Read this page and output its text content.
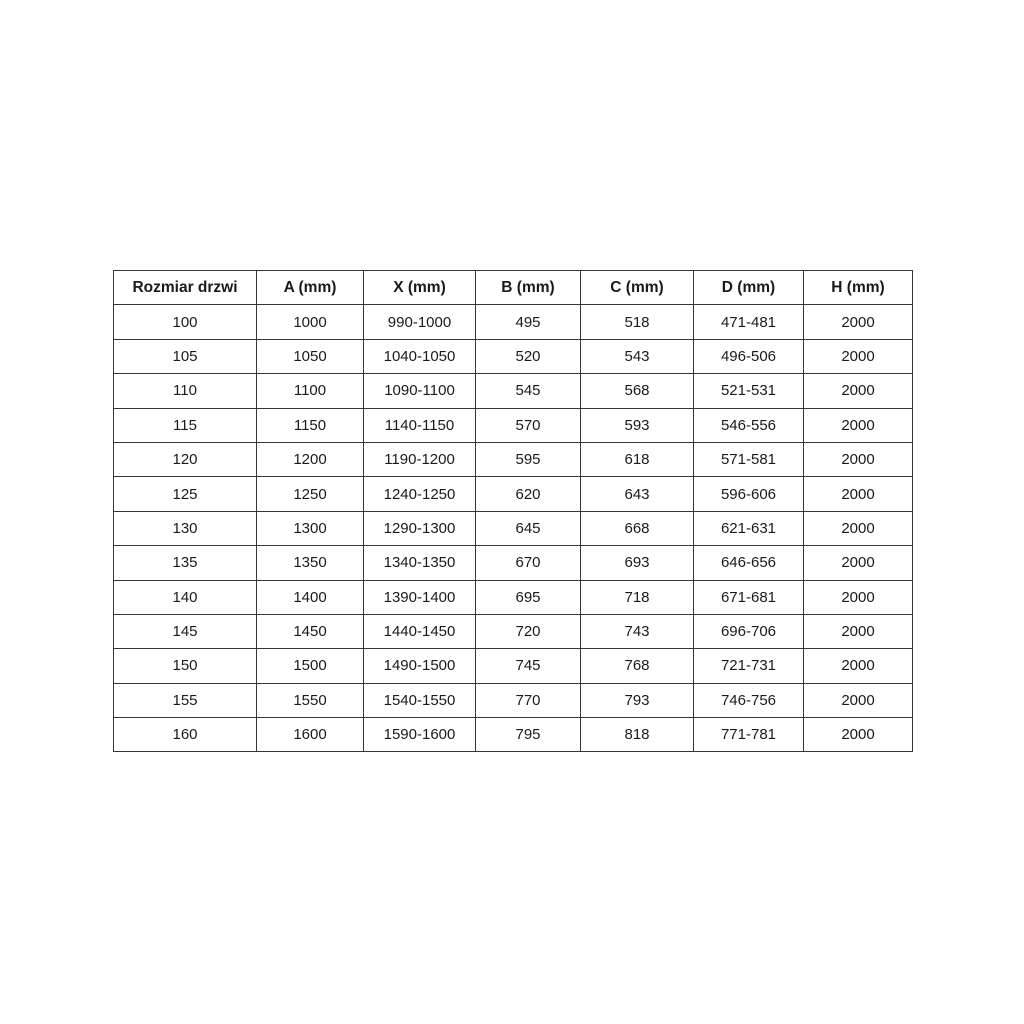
Rozmiar drzwi	A (mm)	X (mm)	B (mm)	C (mm)	D (mm)	H (mm)
100	1000	990-1000	495	518	471-481	2000
105	1050	1040-1050	520	543	496-506	2000
110	1100	1090-1100	545	568	521-531	2000
115	1150	1140-1150	570	593	546-556	2000
120	1200	1190-1200	595	618	571-581	2000
125	1250	1240-1250	620	643	596-606	2000
130	1300	1290-1300	645	668	621-631	2000
135	1350	1340-1350	670	693	646-656	2000
140	1400	1390-1400	695	718	671-681	2000
145	1450	1440-1450	720	743	696-706	2000
150	1500	1490-1500	745	768	721-731	2000
155	1550	1540-1550	770	793	746-756	2000
160	1600	1590-1600	795	818	771-781	2000
